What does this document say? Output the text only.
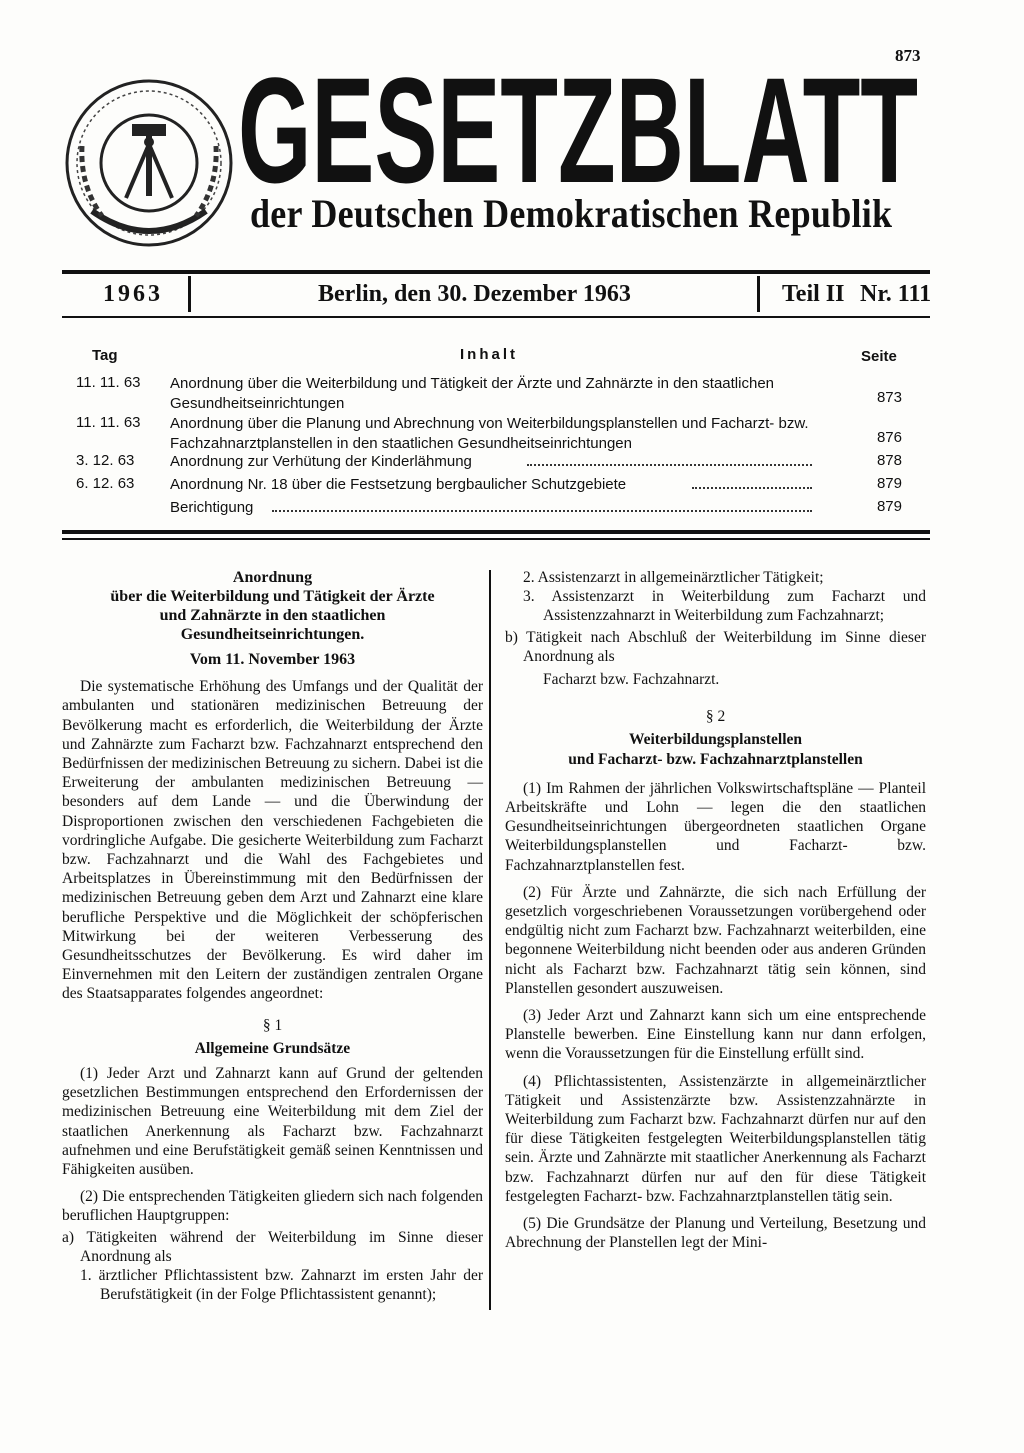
873
GESETZBLATT
der Deutschen Demokratischen Republik
1963	Berlin, den 30. Dezember 1963	Teil II Nr. 111
Tag	Inhalt	Seite
11. 11. 63 Anordnung über die Weiterbildung und Tätigkeit der Ärzte und Zahnärzte in den staatlichen Gesundheitseinrichtungen	873
11. 11. 63 Anordnung über die Planung und Abrechnung von Weiterbildungsplanstellen und Facharzt- bzw. Fachzahnarztplanstellen in den staatlichen Gesundheitseinrichtungen	876
3. 12. 63 Anordnung zur Verhütung der Kinderlähmung	878
6. 12. 63 Anordnung Nr. 18 über die Festsetzung bergbaulicher Schutzgebiete	879
Berichtigung	879
Anordnung
über die Weiterbildung und Tätigkeit der Ärzte
und Zahnärzte in den staatlichen
Gesundheitseinrichtungen.

Vom 11. November 1963

Die systematische Erhöhung des Umfangs und der Qualität der ambulanten und stationären medizinischen Betreuung der Bevölkerung macht es erforderlich, die Weiterbildung der Ärzte und Zahnärzte zum Facharzt bzw. Fachzahnarzt entsprechend den Bedürfnissen der medizinischen Betreuung zu sichern. Dabei ist die Erweiterung der ambulanten medizinischen Betreuung — besonders auf dem Lande — und die Überwindung der Disproportionen zwischen den verschiedenen Fachgebieten die vordringliche Aufgabe. Die gesicherte Weiterbildung zum Facharzt bzw. Fachzahnarzt und die Wahl des Fachgebietes und Arbeitsplatzes in Übereinstimmung mit den Bedürfnissen der medizinischen Betreuung geben dem Arzt und Zahnarzt eine klare berufliche Perspektive und die Möglichkeit der schöpferischen Mitwirkung bei der weiteren Verbesserung des Gesundheitsschutzes der Bevölkerung. Es wird daher im Einvernehmen mit den Leitern der zuständigen zentralen Organe des Staatsapparates folgendes angeordnet:

§ 1

Allgemeine Grundsätze

(1) Jeder Arzt und Zahnarzt kann auf Grund der geltenden gesetzlichen Bestimmungen entsprechend den Erfordernissen der medizinischen Betreuung eine Weiterbildung mit dem Ziel der staatlichen Anerkennung als Facharzt bzw. Fachzahnarzt aufnehmen und eine Berufstätigkeit gemäß seinen Kenntnissen und Fähigkeiten ausüben.

(2) Die entsprechenden Tätigkeiten gliedern sich nach folgenden beruflichen Hauptgruppen:

a) Tätigkeiten während der Weiterbildung im Sinne dieser Anordnung als

1. ärztlicher Pflichtassistent bzw. Zahnarzt im ersten Jahr der Berufstätigkeit (in der Folge Pflichtassistent genannt);

2. Assistenzarzt in allgemeinärztlicher Tätigkeit;

3. Assistenzarzt in Weiterbildung zum Facharzt und Assistenzzahnarzt in Weiterbildung zum Fachzahnarzt;

b) Tätigkeit nach Abschluß der Weiterbildung im Sinne dieser Anordnung als

Facharzt bzw. Fachzahnarzt.

§ 2

Weiterbildungsplanstellen

und Facharzt- bzw. Fachzahnarztplanstellen

(1) Im Rahmen der jährlichen Volkswirtschaftspläne — Planteil Arbeitskräfte und Lohn — legen die den staatlichen Gesundheitseinrichtungen übergeordneten staatlichen Organe Weiterbildungsplanstellen und Facharzt- bzw. Fachzahnarztplanstellen fest.

(2) Für Ärzte und Zahnärzte, die sich nach Erfüllung der gesetzlich vorgeschriebenen Voraussetzungen vorübergehend oder endgültig nicht zum Facharzt bzw. Fachzahnarzt weiterbilden, eine begonnene Weiterbildung nicht beenden oder aus anderen Gründen nicht als Facharzt bzw. Fachzahnarzt tätig sein können, sind Planstellen gesondert auszuweisen.

(3) Jeder Arzt und Zahnarzt kann sich um eine entsprechende Planstelle bewerben. Eine Einstellung kann nur dann erfolgen, wenn die Voraussetzungen für die Einstellung erfüllt sind.

(4) Pflichtassistenten, Assistenzärzte in allgemeinärztlicher Tätigkeit und Assistenzärzte bzw. Assistenzzahnärzte in Weiterbildung zum Facharzt bzw. Fachzahnarzt dürfen nur auf den für diese Tätigkeiten festgelegten Weiterbildungsplanstellen tätig sein. Ärzte und Zahnärzte mit staatlicher Anerkennung als Facharzt bzw. Fachzahnarzt dürfen nur auf den für diese Tätigkeit festgelegten Facharzt- bzw. Fachzahnarztplanstellen tätig sein.

(5) Die Grundsätze der Planung und Verteilung, Besetzung und Abrechnung der Planstellen legt der Mini-
